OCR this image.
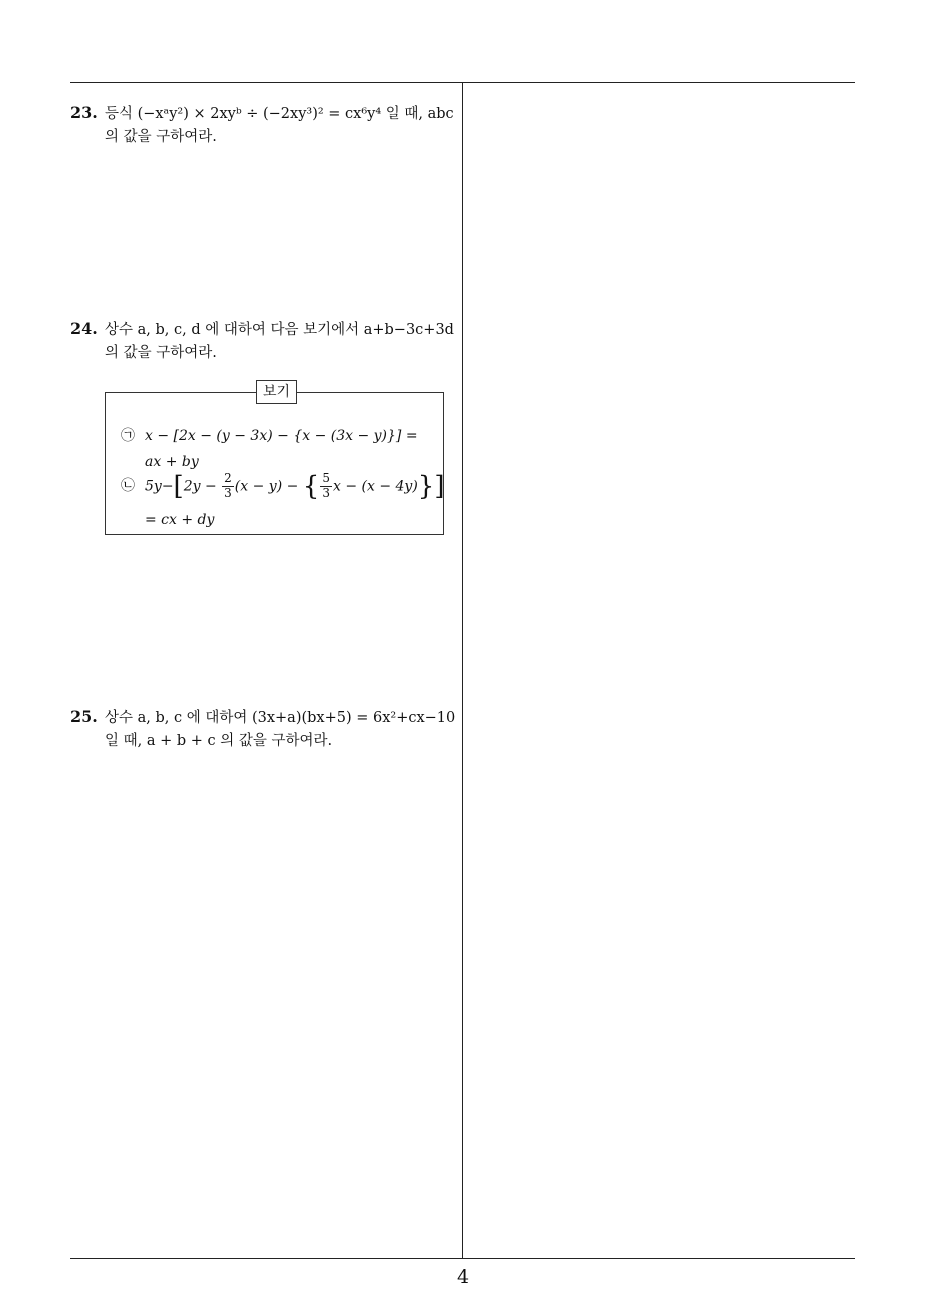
23. 등식 (−xᵃy²) × 2xyᵇ ÷ (−2xy³)² = cx⁶y⁴ 일 때, abc
의 값을 구하여라.
24. 상수 a, b, c, d 에 대하여 다음 보기에서 a+b−3c+3d
의 값을 구하여라.
보기
㉠ x − [2x − (y − 3x) − {x − (3x − y)}] =
ax + by
㉡ $5y-[2y - \frac{2}{3} (x - y)$ − { $\frac{5}{3}$ x − (x − 4y)}]
= cx + dy
25. 상수 a, b, c 에 대하여 (3x+a)(bx+5) = 6x²+cx−10
일 때, a + b + c 의 값을 구하여라.
4
